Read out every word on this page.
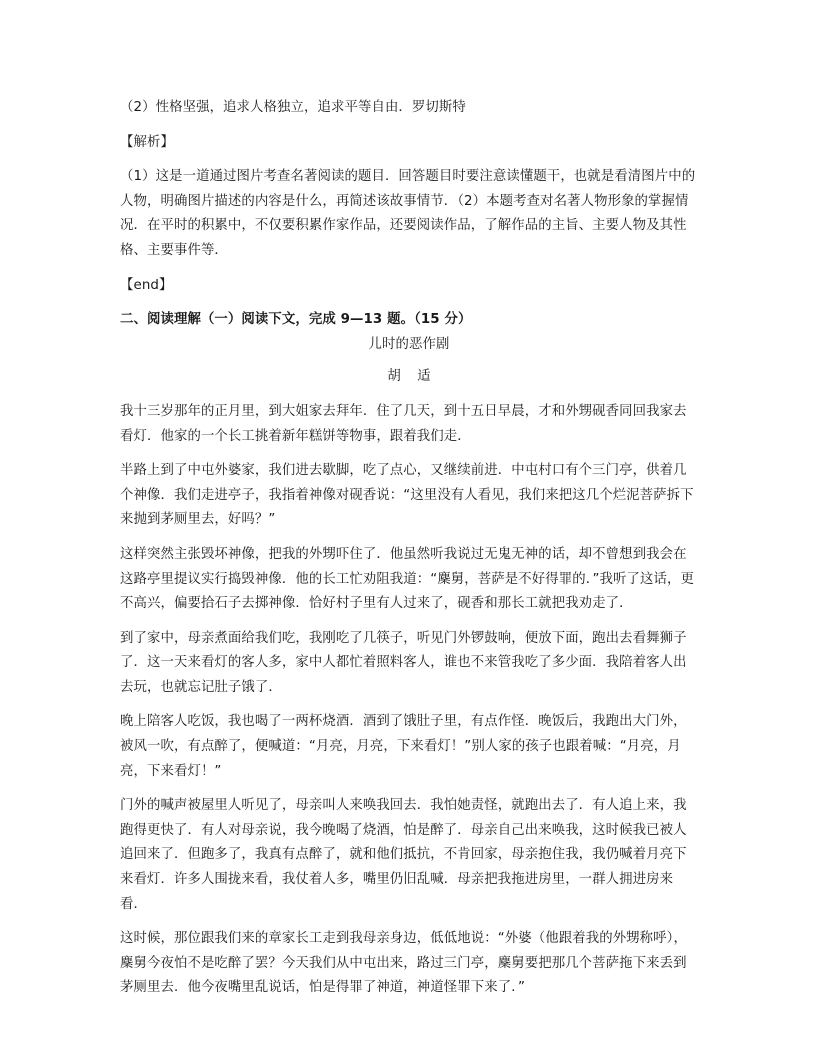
（2）性格坚强，追求人格独立，追求平等自由．罗切斯特

【解析】

（1）这是一道通过图片考查名著阅读的题目．回答题目时要注意读懂题干，也就是看清图片中的人物，明确图片描述的内容是什么，再简述该故事情节．（2）本题考查对名著人物形象的掌握情况．在平时的积累中，不仅要积累作家作品，还要阅读作品，了解作品的主旨、主要人物及其性格、主要事件等．

【end】

二、阅读理解（一）阅读下文，完成 9—13 题。（15 分）

儿时的恶作剧

胡 适

我十三岁那年的正月里，到大姐家去拜年．住了几天，到十五日早晨，才和外甥砚香同回我家去看灯．他家的一个长工挑着新年糕饼等物事，跟着我们走．

半路上到了中屯外婆家，我们进去歇脚，吃了点心，又继续前进．中屯村口有个三门亭，供着几个神像．我们走进亭子，我指着神像对砚香说：“这里没有人看见，我们来把这几个烂泥菩萨拆下来抛到茅厕里去，好吗？”

这样突然主张毁坏神像，把我的外甥吓住了．他虽然听我说过无鬼无神的话，却不曾想到我会在这路亭里提议实行捣毁神像．他的长工忙劝阻我道：“麇舅，菩萨是不好得罪的．”我听了这话，更不高兴，偏要拾石子去掷神像．恰好村子里有人过来了，砚香和那长工就把我劝走了．

到了家中，母亲煮面给我们吃，我刚吃了几筷子，听见门外锣鼓响，便放下面，跑出去看舞狮子了．这一天来看灯的客人多，家中人都忙着照料客人，谁也不来管我吃了多少面．我陪着客人出去玩，也就忘记肚子饿了．

晚上陪客人吃饭，我也喝了一两杯烧酒．酒到了饿肚子里，有点作怪．晚饭后，我跑出大门外，被风一吹，有点醉了，便喊道：“月亮，月亮，下来看灯！”别人家的孩子也跟着喊：“月亮，月亮，下来看灯！”

门外的喊声被屋里人听见了，母亲叫人来唤我回去．我怕她责怪，就跑出去了．有人追上来，我跑得更快了．有人对母亲说，我今晚喝了烧酒，怕是醉了．母亲自己出来唤我，这时候我已被人追回来了．但跑多了，我真有点醉了，就和他们抵抗，不肯回家，母亲抱住我，我仍喊着月亮下来看灯．许多人围拢来看，我仗着人多，嘴里仍旧乱喊．母亲把我拖进房里，一群人拥进房来看．

这时候，那位跟我们来的章家长工走到我母亲身边，低低地说：“外婆（他跟着我的外甥称呼），麇舅今夜怕不是吃醉了罢？今天我们从中屯出来，路过三门亭，麇舅要把那几个菩萨拖下来丢到茅厕里去．他今夜嘴里乱说话，怕是得罪了神道，神道怪罪下来了．”
